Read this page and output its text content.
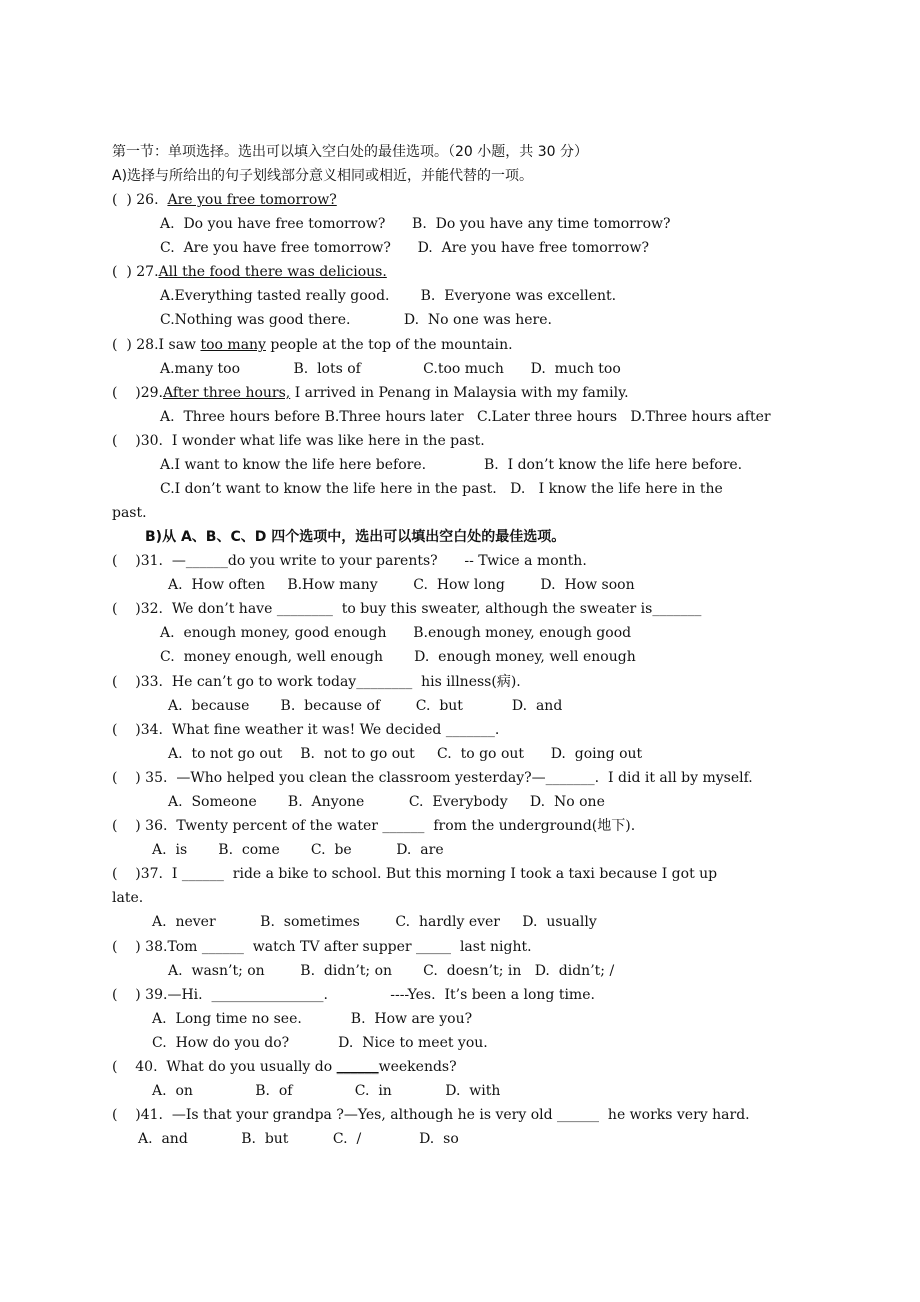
第一节：单项选择。选出可以填入空白处的最佳选项。（20 小题，共 30 分）
A)选择与所给出的句子划线部分意义相同或相近，并能代替的一项。
(  ) 26.  Are you free tomorrow?
A.  Do you have free tomorrow?      B.  Do you have any time tomorrow?
C.  Are you have free tomorrow?      D.  Are you have free tomorrow?
(  ) 27.All the food there was delicious.
A.Everything tasted really good.       B.  Everyone was excellent.
C.Nothing was good there.            D.  No one was here.
(  ) 28.I saw too many people at the top of the mountain.
A.many too            B.  lots of              C.too much      D.  much too
(    )29.After three hours, I arrived in Penang in Malaysia with my family.
A.  Three hours before B.Three hours later   C.Later three hours   D.Three hours after
(    )30.  I wonder what life was like here in the past.
A.I want to know the life here before.             B.  I don’t know the life here before.
C.I don’t want to know the life here in the past.   D.   I know the life here in the
past.
B)从 A、B、C、D 四个选项中，选出可以填出空白处的最佳选项。
(    )31.  —______do you write to your parents?      -- Twice a month.
A.  How often     B.How many        C.  How long        D.  How soon
(    )32.  We don’t have ________  to buy this sweater, although the sweater is_______
A.  enough money, good enough      B.enough money, enough good
C.  money enough, well enough       D.  enough money, well enough
(    )33.  He can’t go to work today________  his illness(病).
A.  because       B.  because of        C.  but           D.  and
(    )34.  What fine weather it was! We decided _______.
A.  to not go out    B.  not to go out     C.  to go out      D.  going out
(    ) 35.  —Who helped you clean the classroom yesterday?—_______.  I did it all by myself.
A.  Someone       B.  Anyone          C.  Everybody     D.  No one
(    ) 36.  Twenty percent of the water ______  from the underground(地下).
A.  is       B.  come       C.  be          D.  are
(    )37.  I ______  ride a bike to school. But this morning I took a taxi because I got up
late.
A.  never          B.  sometimes        C.  hardly ever     D.  usually
(    ) 38.Tom ______  watch TV after supper _____  last night.
A.  wasn’t; on        B.  didn’t; on       C.  doesn’t; in   D.  didn’t; /
(    ) 39.—Hi.  ________________.              ----Yes.  It’s been a long time.
A.  Long time no see.           B.  How are you?
C.  How do you do?           D.  Nice to meet you.
(    40.  What do you usually do ______weekends?
A.  on              B.  of              C.  in            D.  with
(    )41.  —Is that your grandpa ?—Yes, although he is very old ______  he works very hard.
A.  and            B.  but          C.  /             D.  so
